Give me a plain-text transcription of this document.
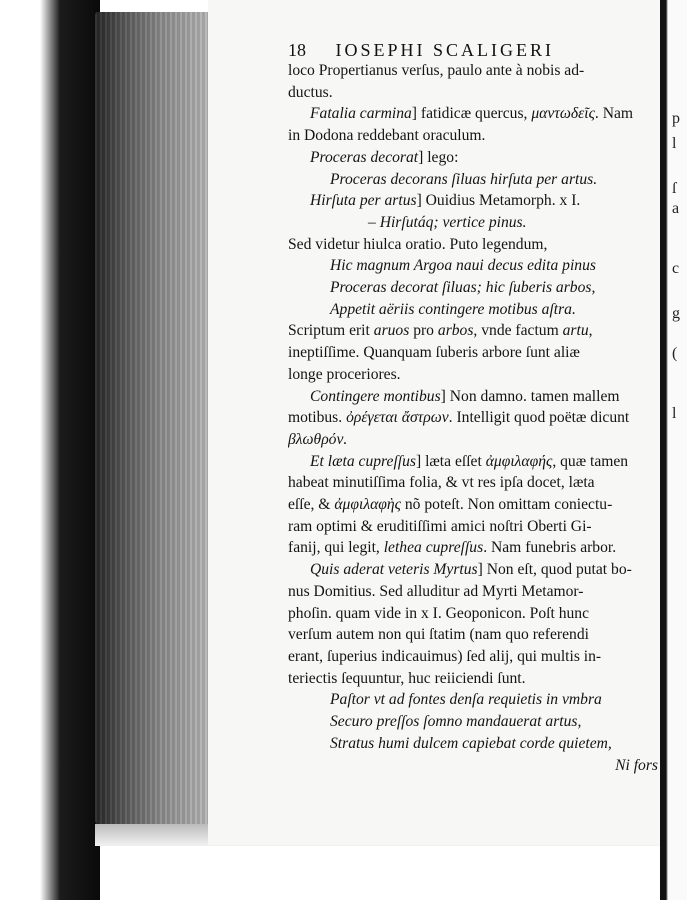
p
l
ſ
a
c
g
(
l
18 IOSEPHI SCALIGERI
loco Propertianus verſus, paulo ante à nobis ad-
ductus.
Fatalia carmina] fatidicæ quercus, μαντωδεῖς. Nam
in Dodona reddebant oraculum.
Proceras decorat] lego:
Proceras decorans ſiluas hirſuta per artus.
Hirſuta per artus] Ouidius Metamorph. x I.
– Hirſutáq; vertice pinus.
Sed videtur hiulca oratio. Puto legendum,
Hic magnum Argoa naui decus edita pinus
Proceras decorat ſiluas; hic ſuberis arbos,
Appetit aëriis contingere motibus aſtra.
Scriptum erit aruos pro arbos, vnde factum artu,
ineptiſſime. Quanquam ſuberis arbore ſunt aliæ
longe proceriores.
Contingere montibus] Non damno. tamen mallem
motibus. ὀρέγεται ἄστρων. Intelligit quod poëtæ dicunt
βλωθρόν.
Et læta cupreſſus] læta eſſet ἀμφιλαφής, quæ tamen
habeat minutiſſima folia, & vt res ipſa docet, læta
eſſe, & ἀμφιλαφὴς nõ poteſt. Non omittam coniectu-
ram optimi & eruditiſſimi amici noſtri Oberti Gi-
fanij, qui legit, lethea cupreſſus. Nam funebris arbor.
Quis aderat veteris Myrtus] Non eſt, quod putat bo-
nus Domitius. Sed alluditur ad Myrti Metamor-
phoſin. quam vide in x I. Geoponicon. Poſt hunc
verſum autem non qui ſtatim (nam quo referendi
erant, ſuperius indicauimus) ſed alij, qui multis in-
teriectis ſequuntur, huc reiiciendi ſunt.
Paſtor vt ad fontes denſa requietis in vmbra
Securo preſſos ſomno mandauerat artus,
Stratus humi dulcem capiebat corde quietem,
Ni fors
